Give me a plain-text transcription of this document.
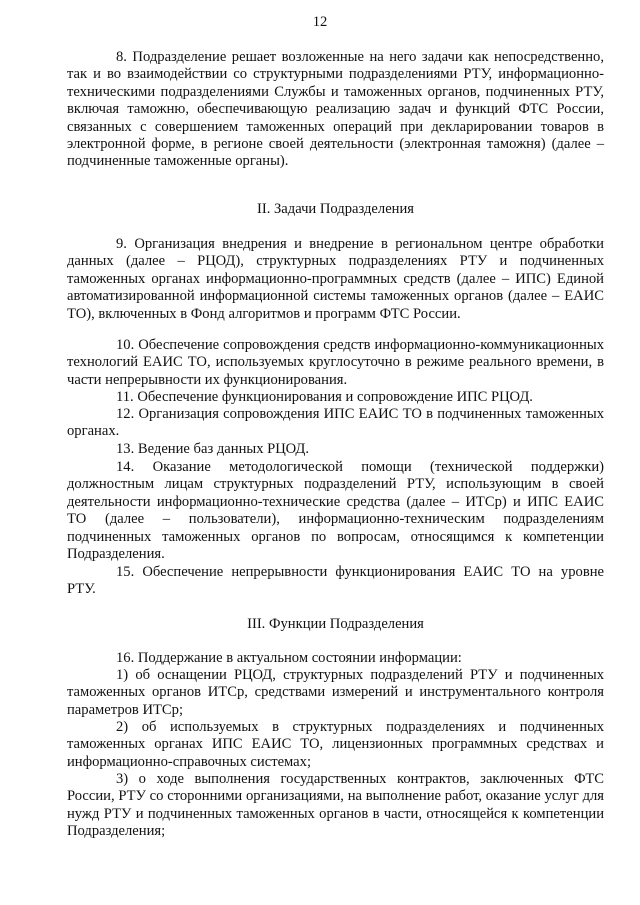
12

8. Подразделение решает возложенные на него задачи как непосредственно, так и во взаимодействии со структурными подразделениями РТУ, информационно-техническими подразделениями Службы и таможенных органов, подчиненных РТУ, включая таможню, обеспечивающую реализацию задач и функций ФТС России, связанных с совершением таможенных операций при декларировании товаров в электронной форме, в регионе своей деятельности (электронная таможня) (далее – подчиненные таможенные органы).

II. Задачи Подразделения

9. Организация внедрения и внедрение в региональном центре обработки данных (далее – РЦОД), структурных подразделениях РТУ и подчиненных таможенных органах информационно-программных средств (далее – ИПС) Единой автоматизированной информационной системы таможенных органов (далее – ЕАИС ТО), включенных в Фонд алгоритмов и программ ФТС России.

10. Обеспечение сопровождения средств информационно-коммуникационных технологий ЕАИС ТО, используемых круглосуточно в режиме реального времени, в части непрерывности их функционирования.

11. Обеспечение функционирования и сопровождение ИПС РЦОД.

12. Организация сопровождения ИПС ЕАИС ТО в подчиненных таможенных органах.

13. Ведение баз данных РЦОД.

14. Оказание методологической помощи (технической поддержки) должностным лицам структурных подразделений РТУ, использующим в своей деятельности информационно-технические средства (далее – ИТСр) и ИПС ЕАИС ТО (далее – пользователи), информационно-техническим подразделениям подчиненных таможенных органов по вопросам, относящимся к компетенции Подразделения.

15. Обеспечение непрерывности функционирования ЕАИС ТО на уровне РТУ.

III. Функции Подразделения

16. Поддержание в актуальном состоянии информации:

1) об оснащении РЦОД, структурных подразделений РТУ и подчиненных таможенных органов ИТСр, средствами измерений и инструментального контроля параметров ИТСр;

2) об используемых в структурных подразделениях и подчиненных таможенных органах ИПС ЕАИС ТО, лицензионных программных средствах и информационно-справочных системах;

3) о ходе выполнения государственных контрактов, заключенных ФТС России, РТУ со сторонними организациями, на выполнение работ, оказание услуг для нужд РТУ и подчиненных таможенных органов в части, относящейся к компетенции Подразделения;
